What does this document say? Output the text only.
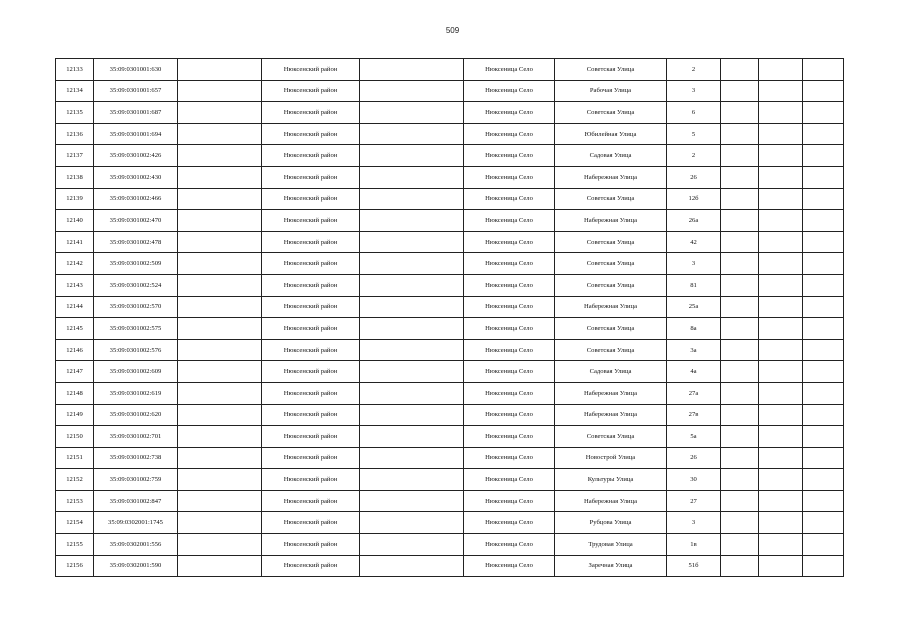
509
12133	35:09:0301001:630		Нюксенский район		Нюксеница Село	Советская Улица	2			
12134	35:09:0301001:657		Нюксенский район		Нюксеница Село	Рабочая Улица	3			
12135	35:09:0301001:687		Нюксенский район		Нюксеница Село	Советская Улица	6			
12136	35:09:0301001:694		Нюксенский район		Нюксеница Село	Юбилейная Улица	5			
12137	35:09:0301002:426		Нюксенский район		Нюксеница Село	Садовая Улица	2			
12138	35:09:0301002:430		Нюксенский район		Нюксеница Село	Набережная Улица	26			
12139	35:09:0301002:466		Нюксенский район		Нюксеница Село	Советская Улица	12б			
12140	35:09:0301002:470		Нюксенский район		Нюксеница Село	Набережная Улица	26а			
12141	35:09:0301002:478		Нюксенский район		Нюксеница Село	Советская Улица	42			
12142	35:09:0301002:509		Нюксенский район		Нюксеница Село	Советская Улица	3			
12143	35:09:0301002:524		Нюксенский район		Нюксеница Село	Советская Улица	81			
12144	35:09:0301002:570		Нюксенский район		Нюксеница Село	Набережная Улица	25а			
12145	35:09:0301002:575		Нюксенский район		Нюксеница Село	Советская Улица	8а			
12146	35:09:0301002:576		Нюксенский район		Нюксеница Село	Советская Улица	3а			
12147	35:09:0301002:609		Нюксенский район		Нюксеница Село	Садовая Улица	4а			
12148	35:09:0301002:619		Нюксенский район		Нюксеница Село	Набережная Улица	27а			
12149	35:09:0301002:620		Нюксенский район		Нюксеница Село	Набережная Улица	27в			
12150	35:09:0301002:701		Нюксенский район		Нюксеница Село	Советская Улица	5а			
12151	35:09:0301002:738		Нюксенский район		Нюксеница Село	Новострой Улица	26			
12152	35:09:0301002:759		Нюксенский район		Нюксеница Село	Культуры Улица	30			
12153	35:09:0301002:847		Нюксенский район		Нюксеница Село	Набережная Улица	27			
12154	35:09:0302001:1745		Нюксенский район		Нюксеница Село	Рубцова Улица	3			
12155	35:09:0302001:556		Нюксенский район		Нюксеница Село	Трудовая Улица	1в			
12156	35:09:0302001:590		Нюксенский район		Нюксеница Село	Заречная Улица	51б			
